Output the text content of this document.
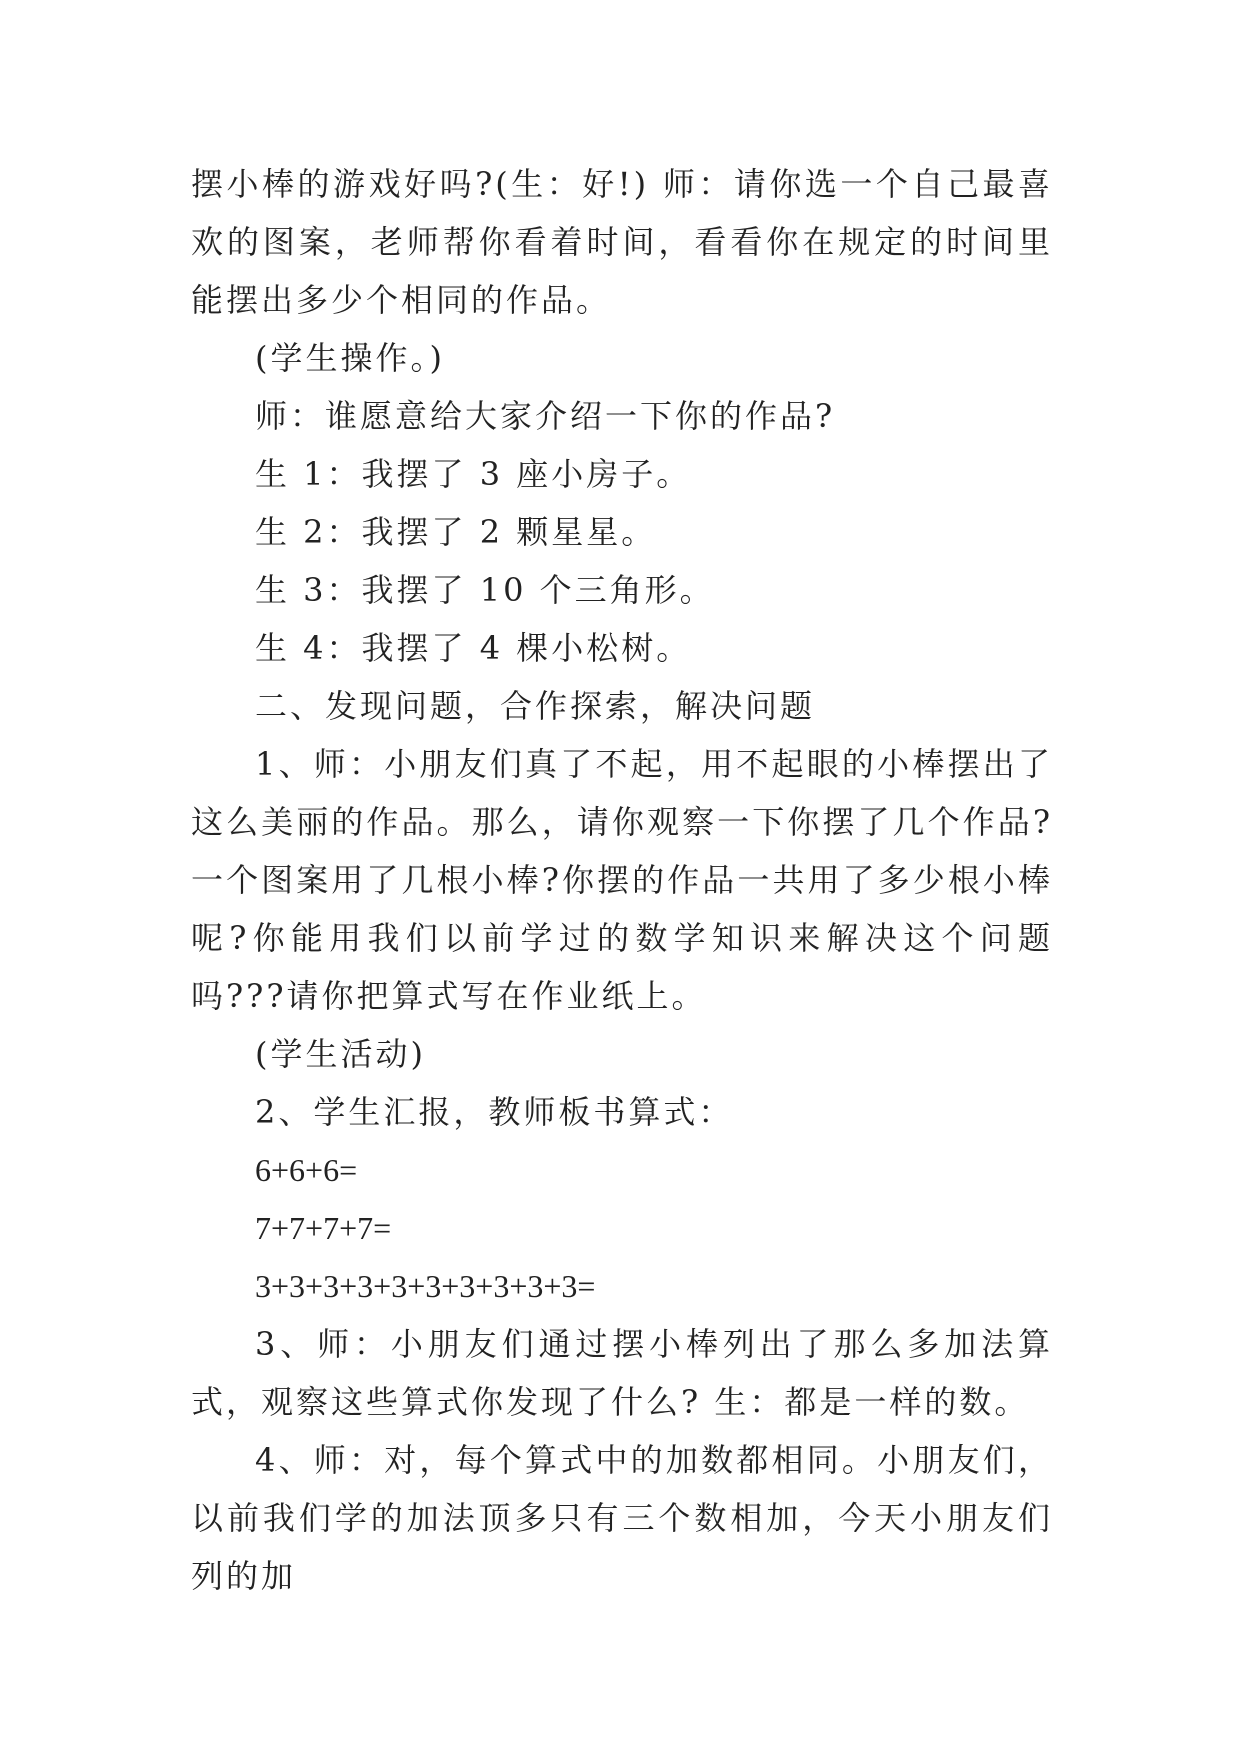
摆小棒的游戏好吗?(生：好!) 师：请你选一个自己最喜欢的图案，老师帮你看着时间，看看你在规定的时间里能摆出多少个相同的作品。

(学生操作。)

师：谁愿意给大家介绍一下你的作品?

生 1：我摆了 3 座小房子。

生 2：我摆了 2 颗星星。

生 3：我摆了 10 个三角形。

生 4：我摆了 4 棵小松树。

二、发现问题，合作探索，解决问题

1、师：小朋友们真了不起，用不起眼的小棒摆出了这么美丽的作品。那么，请你观察一下你摆了几个作品?一个图案用了几根小棒?你摆的作品一共用了多少根小棒呢?你能用我们以前学过的数学知识来解决这个问题吗???请你把算式写在作业纸上。

(学生活动)

2、学生汇报，教师板书算式：

6+6+6=

7+7+7+7=

3+3+3+3+3+3+3+3+3+3=

3、师：小朋友们通过摆小棒列出了那么多加法算式，观察这些算式你发现了什么? 生：都是一样的数。

4、师：对，每个算式中的加数都相同。小朋友们，以前我们学的加法顶多只有三个数相加，今天小朋友们列的加
